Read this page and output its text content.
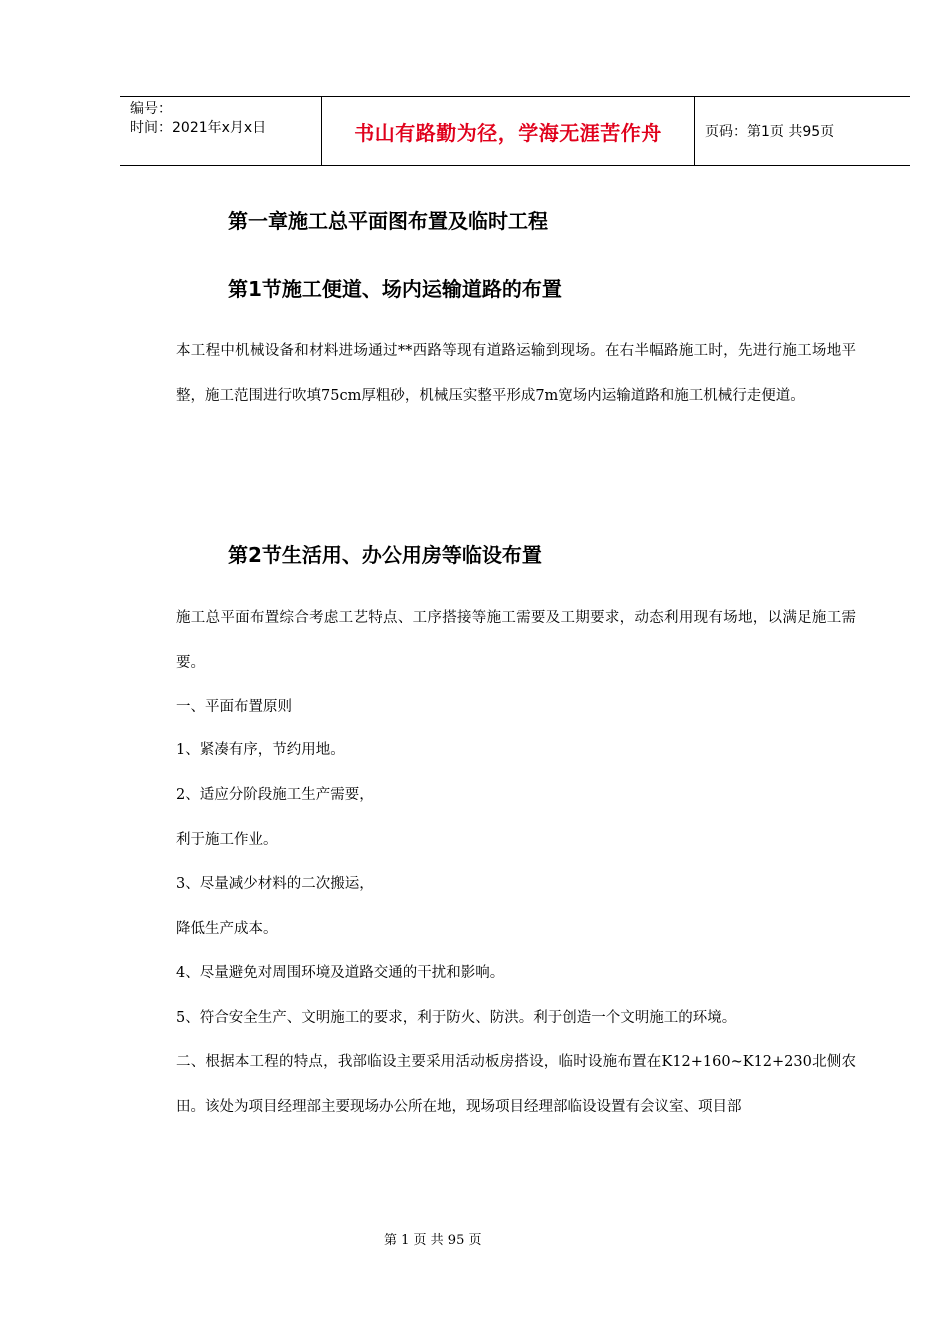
编号：
时间：2021年x月x日	书山有路勤为径，学海无涯苦作舟	页码：第1页 共95页
第一章施工总平面图布置及临时工程
第1节施工便道、场内运输道路的布置

本工程中机械设备和材料进场通过**西路等现有道路运输到现场。在右半幅路施工时，先进行施工场地平整，施工范围进行吹填75cm厚粗砂，机械压实整平形成7m宽场内运输道路和施工机械行走便道。

第2节生活用、办公用房等临设布置

施工总平面布置综合考虑工艺特点、工序搭接等施工需要及工期要求，动态利用现有场地，以满足施工需要。

一、平面布置原则

1、紧凑有序，节约用地。

2、适应分阶段施工生产需要，

利于施工作业。

3、尽量减少材料的二次搬运，

降低生产成本。

4、尽量避免对周围环境及道路交通的干扰和影响。

5、符合安全生产、文明施工的要求，利于防火、防洪。利于创造一个文明施工的环境。

二、根据本工程的特点，我部临设主要采用活动板房搭设，临时设施布置在K12+160~K12+230北侧农田。该处为项目经理部主要现场办公所在地，现场项目经理部临设设置有会议室、项目部

第 1 页 共 95 页
